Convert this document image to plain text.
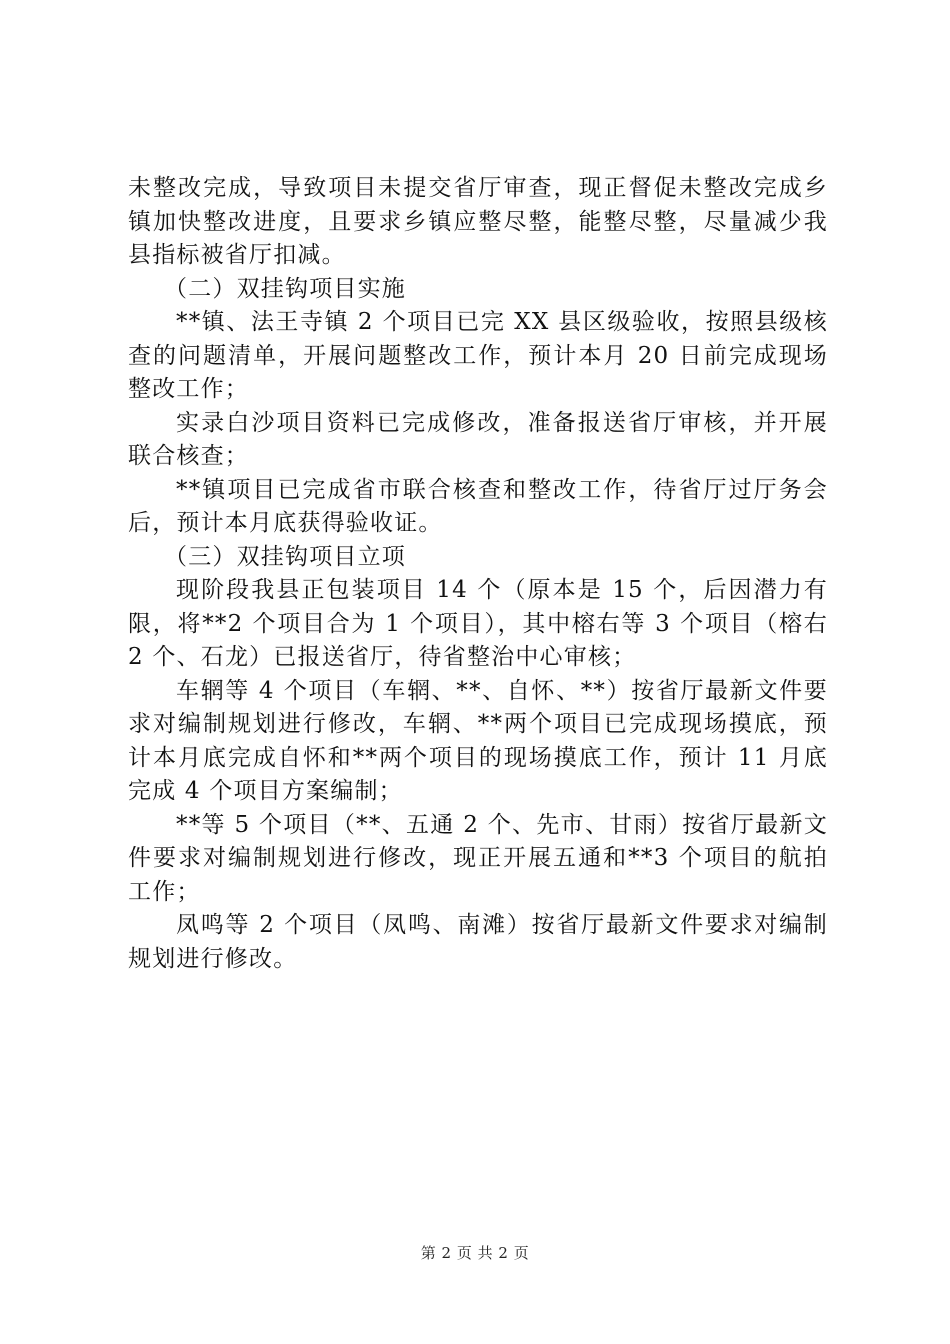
未整改完成，导致项目未提交省厅审查，现正督促未整改完成乡镇加快整改进度，且要求乡镇应整尽整，能整尽整，尽量减少我县指标被省厅扣减。

（二）双挂钩项目实施

**镇、法王寺镇 2 个项目已完 XX 县区级验收，按照县级核查的问题清单，开展问题整改工作，预计本月 20 日前完成现场整改工作；

实录白沙项目资料已完成修改，准备报送省厅审核，并开展联合核查；

**镇项目已完成省市联合核查和整改工作，待省厅过厅务会后，预计本月底获得验收证。

（三）双挂钩项目立项

现阶段我县正包装项目 14 个（原本是 15 个，后因潜力有限，将**2 个项目合为 1 个项目），其中榕右等 3 个项目（榕右 2 个、石龙）已报送省厅，待省整治中心审核；

车辋等 4 个项目（车辋、**、自怀、**）按省厅最新文件要求对编制规划进行修改，车辋、**两个项目已完成现场摸底，预计本月底完成自怀和**两个项目的现场摸底工作，预计 11 月底完成 4 个项目方案编制；

**等 5 个项目（**、五通 2 个、先市、甘雨）按省厅最新文件要求对编制规划进行修改，现正开展五通和**3 个项目的航拍工作；

凤鸣等 2 个项目（凤鸣、南滩）按省厅最新文件要求对编制规划进行修改。

第 2 页 共 2 页
